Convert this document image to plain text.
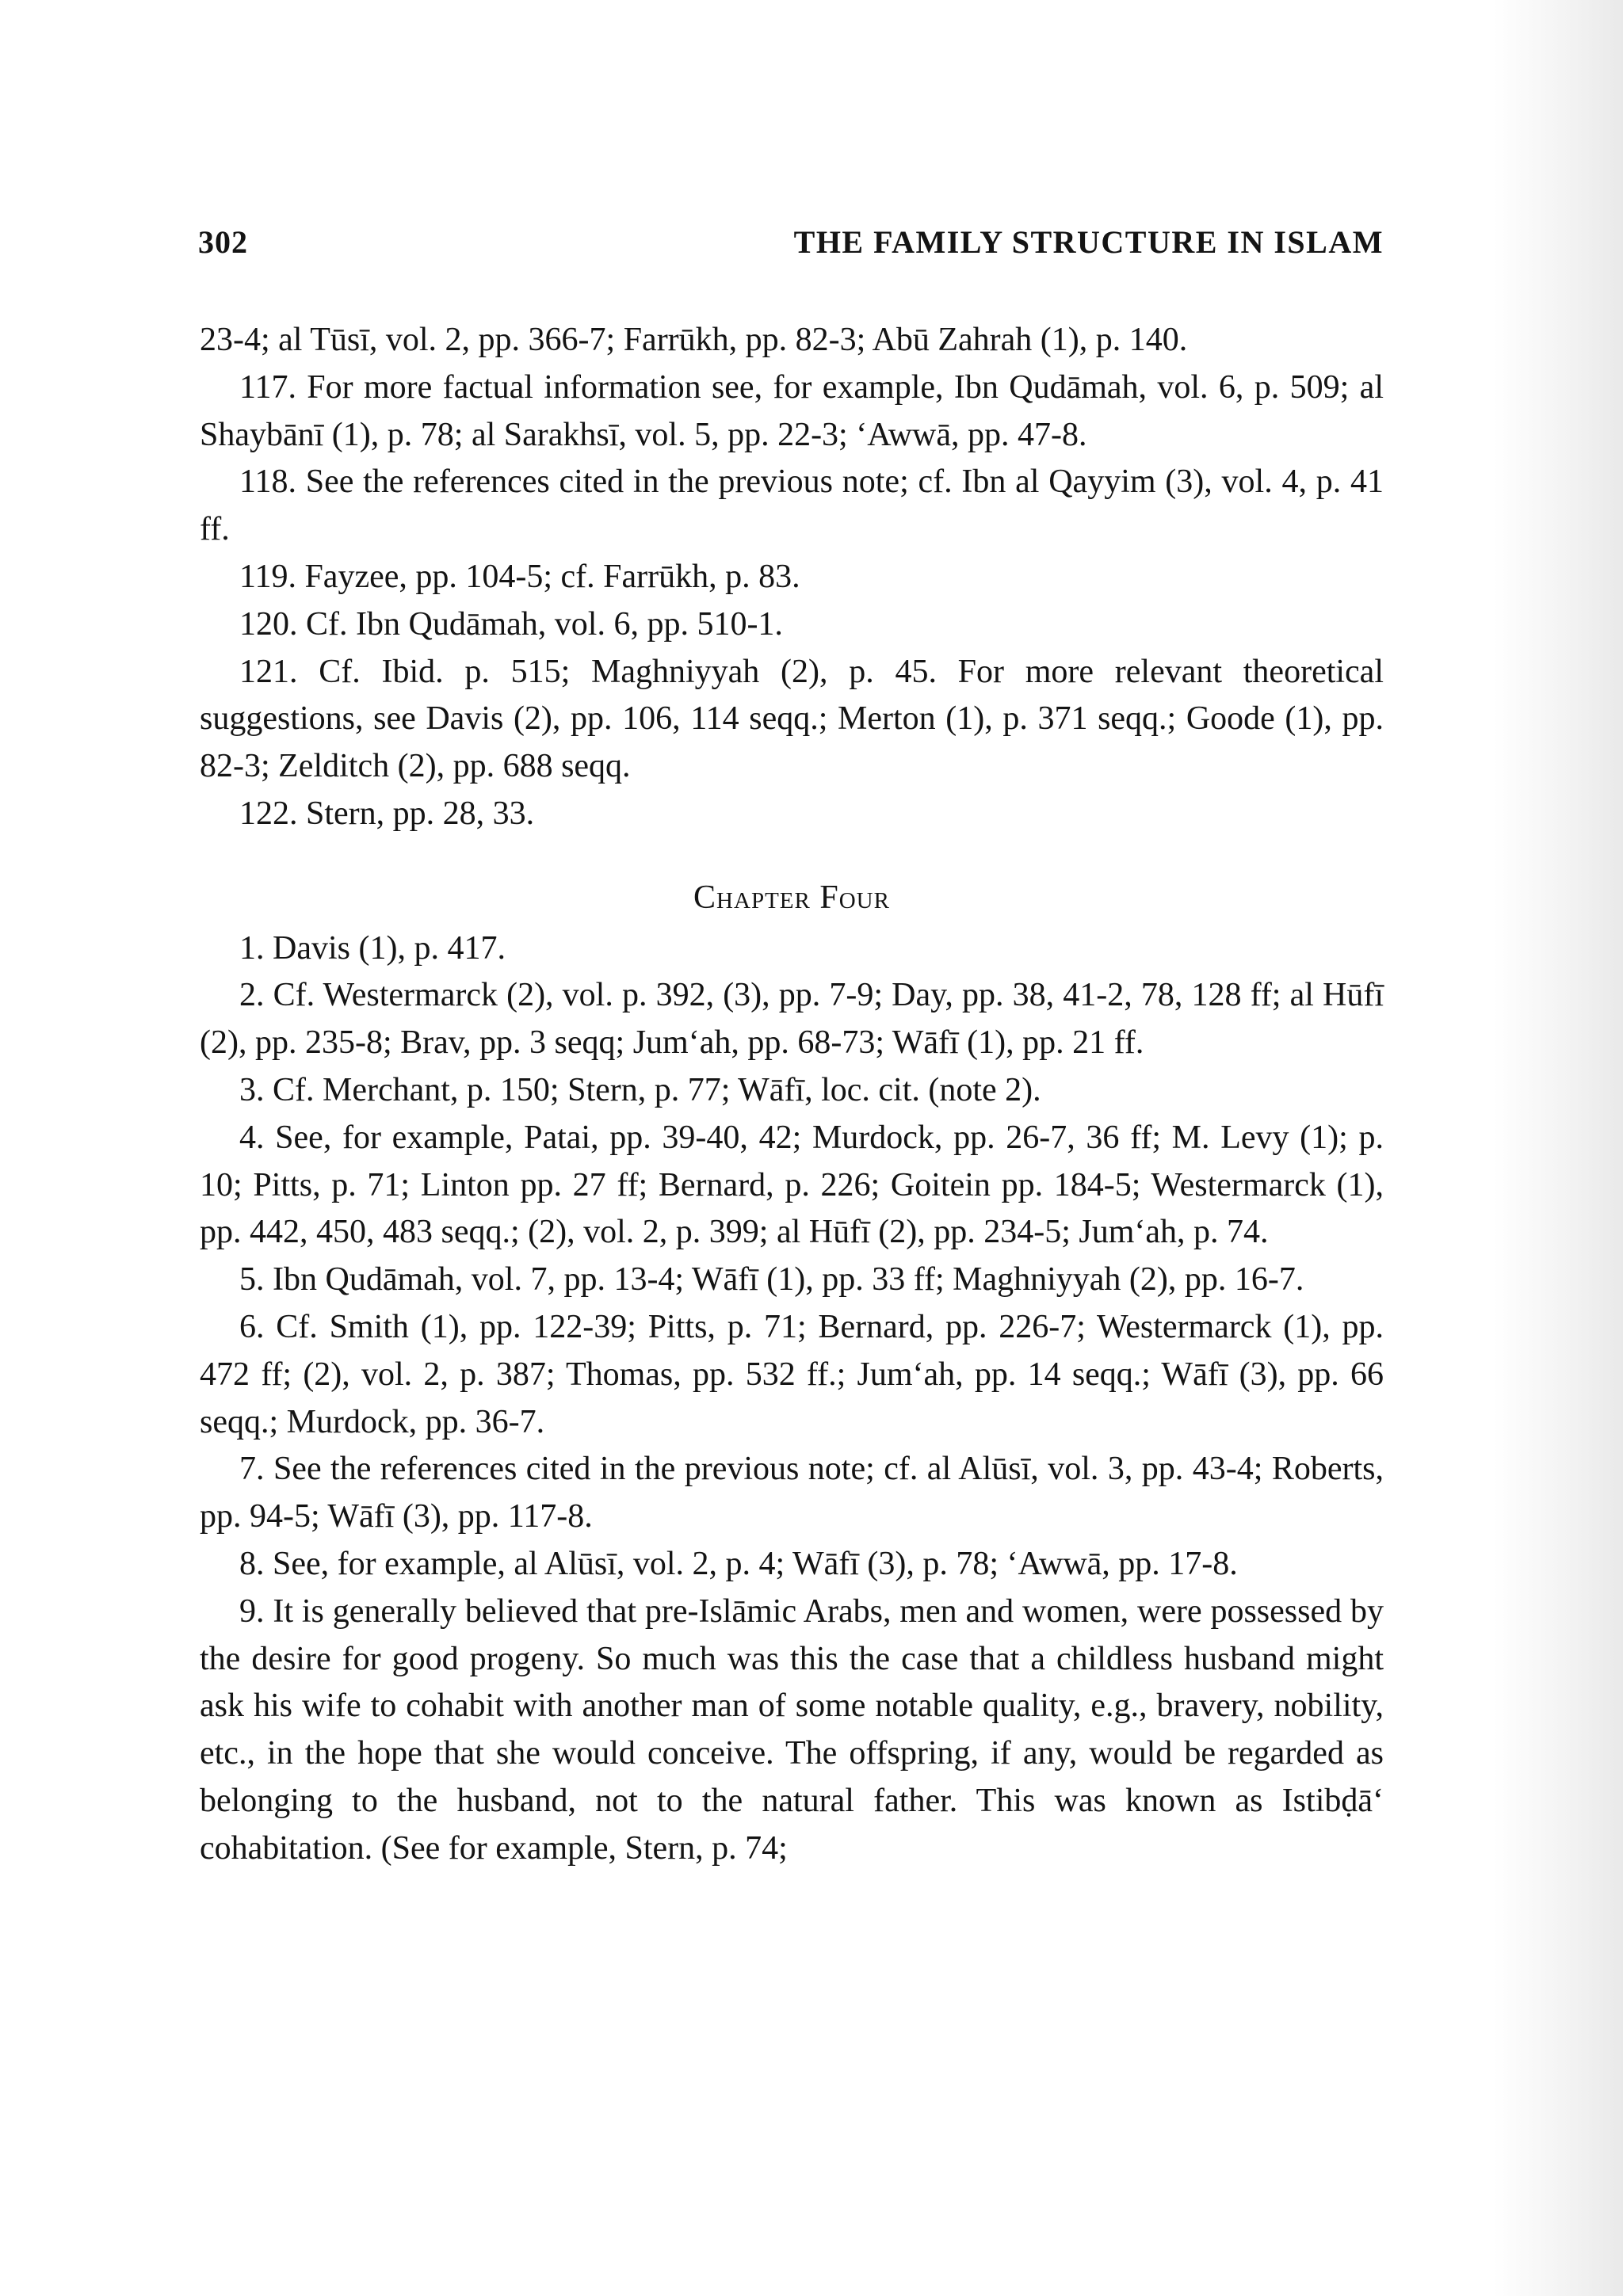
302	THE FAMILY STRUCTURE IN ISLAM

23-4; al Tūsī, vol. 2, pp. 366-7; Farrūkh, pp. 82-3; Abū Zahrah (1), p. 140.

117. For more factual information see, for example, Ibn Qudāmah, vol. 6, p. 509; al Shaybānī (1), p. 78; al Sarakhsī, vol. 5, pp. 22-3; ‘Awwā, pp. 47-8.

118. See the references cited in the previous note; cf. Ibn al Qayyim (3), vol. 4, p. 41 ff.

119. Fayzee, pp. 104-5; cf. Farrūkh, p. 83.

120. Cf. Ibn Qudāmah, vol. 6, pp. 510-1.

121. Cf. Ibid. p. 515; Maghniyyah (2), p. 45. For more relevant theoretical suggestions, see Davis (2), pp. 106, 114 seqq.; Merton (1), p. 371 seqq.; Goode (1), pp. 82-3; Zelditch (2), pp. 688 seqq.

122. Stern, pp. 28, 33.

Chapter Four

1. Davis (1), p. 417.

2. Cf. Westermarck (2), vol. p. 392, (3), pp. 7-9; Day, pp. 38, 41-2, 78, 128 ff; al Hūfī (2), pp. 235-8; Brav, pp. 3 seqq; Jum‘ah, pp. 68-73; Wāfī (1), pp. 21 ff.

3. Cf. Merchant, p. 150; Stern, p. 77; Wāfī, loc. cit. (note 2).

4. See, for example, Patai, pp. 39-40, 42; Murdock, pp. 26-7, 36 ff; M. Levy (1); p. 10; Pitts, p. 71; Linton pp. 27 ff; Bernard, p. 226; Goitein pp. 184-5; Westermarck (1), pp. 442, 450, 483 seqq.; (2), vol. 2, p. 399; al Hūfī (2), pp. 234-5; Jum‘ah, p. 74.

5. Ibn Qudāmah, vol. 7, pp. 13-4; Wāfī (1), pp. 33 ff; Maghniyyah (2), pp. 16-7.

6. Cf. Smith (1), pp. 122-39; Pitts, p. 71; Bernard, pp. 226-7; Westermarck (1), pp. 472 ff; (2), vol. 2, p. 387; Thomas, pp. 532 ff.; Jum‘ah, pp. 14 seqq.; Wāfī (3), pp. 66 seqq.; Murdock, pp. 36-7.

7. See the references cited in the previous note; cf. al Alūsī, vol. 3, pp. 43-4; Roberts, pp. 94-5; Wāfī (3), pp. 117-8.

8. See, for example, al Alūsī, vol. 2, p. 4; Wāfī (3), p. 78; ‘Awwā, pp. 17-8.

9. It is generally believed that pre-Islāmic Arabs, men and women, were possessed by the desire for good progeny. So much was this the case that a childless husband might ask his wife to cohabit with another man of some notable quality, e.g., bravery, nobility, etc., in the hope that she would conceive. The offspring, if any, would be regarded as belonging to the husband, not to the natural father. This was known as Istibḍā‘ cohabitation. (See for example, Stern, p. 74;
